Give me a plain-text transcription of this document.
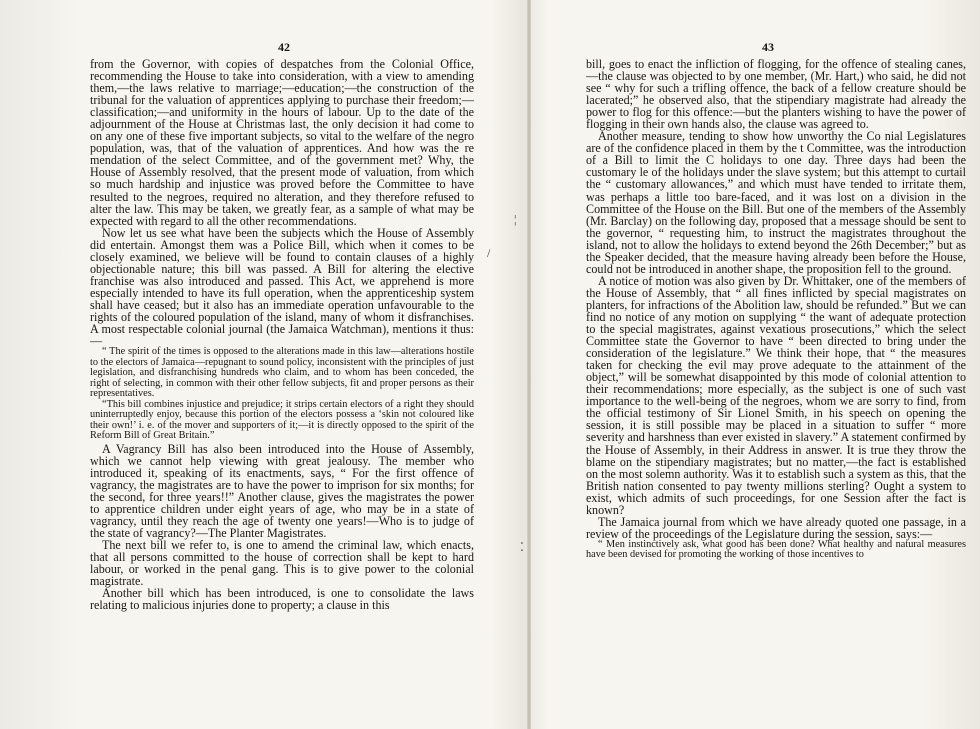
42	43

from the Governor, with copies of despatches from the Colonial Office, recommending the House to take into consideration, with a view to amending them,—the laws relative to marriage;—education;—the construction of the tribunal for the valuation of apprentices applying to purchase their freedom;—classification;—and uniformity in the hours of labour. Up to the date of the adjournment of the House at Christmas last, the only decision it had come to on any one of these five important subjects, so vital to the welfare of the negro population, was, that of the valuation of apprentices. And how was the re mendation of the select Committee, and of the government met? Why, the House of Assembly resolved, that the present mode of valuation, from which so much hardship and injustice was proved before the Committee to have resulted to the negroes, required no alteration, and they therefore refused to alter the law. This may be taken, we greatly fear, as a sample of what may be expected with regard to all the other recommendations.

Now let us see what have been the subjects which the House of Assembly did entertain. Amongst them was a Police Bill, which when it comes to be closely examined, we believe will be found to contain clauses of a highly objectionable nature; this bill was passed. A Bill for altering the elective franchise was also introduced and passed. This Act, we apprehend is more especially intended to have its full operation, when the apprenticeship system shall have ceased; but it also has an immediate operation unfavourable to the rights of the coloured population of the island, many of whom it disfranchises. A most respectable colonial journal (the Jamaica Watchman), mentions it thus:—

“ The spirit of the times is opposed to the alterations made in this law—alterations hostile to the electors of Jamaica—repugnant to sound policy, inconsistent with the principles of just legislation, and disfranchising hundreds who claim, and to whom has been conceded, the right of selecting, in common with their other fellow subjects, fit and proper persons as their representatives.

“This bill combines injustice and prejudice; it strips certain electors of a right they should uninterruptedly enjoy, because this portion of the electors possess a ‘skin not coloured like their own!’ i. e. of the mover and supporters of it;—it is directly opposed to the spirit of the Reform Bill of Great Britain.”

A Vagrancy Bill has also been introduced into the House of Assembly, which we cannot help viewing with great jealousy. The member who introduced it, speaking of its enactments, says, “ For the first offence of vagrancy, the magistrates are to have the power to imprison for six months; for the second, for three years!!” Another clause, gives the magistrates the power to apprentice children under eight years of age, who may be in a state of vagrancy, until they reach the age of twenty one years!—Who is to judge of the state of vagrancy?—The Planter Magistrates.

The next bill we refer to, is one to amend the criminal law, which enacts, that all persons committed to the house of correction shall be kept to hard labour, or worked in the penal gang. This is to give power to the colonial magistrate.

Another bill which has been introduced, is one to consolidate the laws relating to malicious injuries done to property; a clause in this

bill, goes to enact the infliction of flogging, for the offence of stealing canes,—the clause was objected to by one member, (Mr. Hart,) who said, he did not see “ why for such a trifling offence, the back of a fellow creature should be lacerated;” he observed also, that the stipendiary magistrate had already the power to flog for this offence:—but the planters wishing to have the power of flogging in their own hands also, the clause was agreed to.

Another measure, tending to show how unworthy the Co nial Legislatures are of the confidence placed in them by the t Committee, was the introduction of a Bill to limit the C holidays to one day. Three days had been the customary le of the holidays under the slave system; but this attempt to curtail the “ customary allowances,” and which must have tended to irritate them, was perhaps a little too bare-faced, and it was lost on a division in the Committee of the House on the Bill. But one of the members of the Assembly (Mr. Barclay) on the following day, proposed that a message should be sent to the governor, “ requesting him, to instruct the magistrates throughout the island, not to allow the holidays to extend beyond the 26th December;” but as the Speaker decided, that the measure having already been before the House, could not be introduced in another shape, the proposition fell to the ground.

A notice of motion was also given by Dr. Whittaker, one of the members of the House of Assembly, that “ all fines inflicted by special magistrates on planters, for infractions of the Abolition law, should be refunded.” But we can find no notice of any motion on supplying “ the want of adequate protection to the special magistrates, against vexatious prosecutions,” which the select Committee state the Governor to have “ been directed to bring under the consideration of the legislature.” We think their hope, that “ the measures taken for checking the evil may prove adequate to the attainment of the object,” will be somewhat disappointed by this mode of colonial attention to their recommendations; more especially, as the subject is one of such vast importance to the well-being of the negroes, whom we are sorry to find, from the official testimony of Sir Lionel Smith, in his speech on opening the session, it is still possible may be placed in a situation to suffer “ more severity and harshness than ever existed in slavery.” A statement confirmed by the House of Assembly, in their Address in answer. It is true they throw the blame on the stipendiary magistrates; but no matter,—the fact is established on the most solemn authority. Was it to establish such a system as this, that the British nation consented to pay twenty millions sterling? Ought a system to exist, which admits of such proceedings, for one Session after the fact is known?

The Jamaica journal from which we have already quoted one passage, in a review of the proceedings of the Legislature during the session, says:—

“ Men instinctively ask, what good has been done? What healthy and natural measures have been devised for promoting the working of those incentives to

¦
/
⁚
